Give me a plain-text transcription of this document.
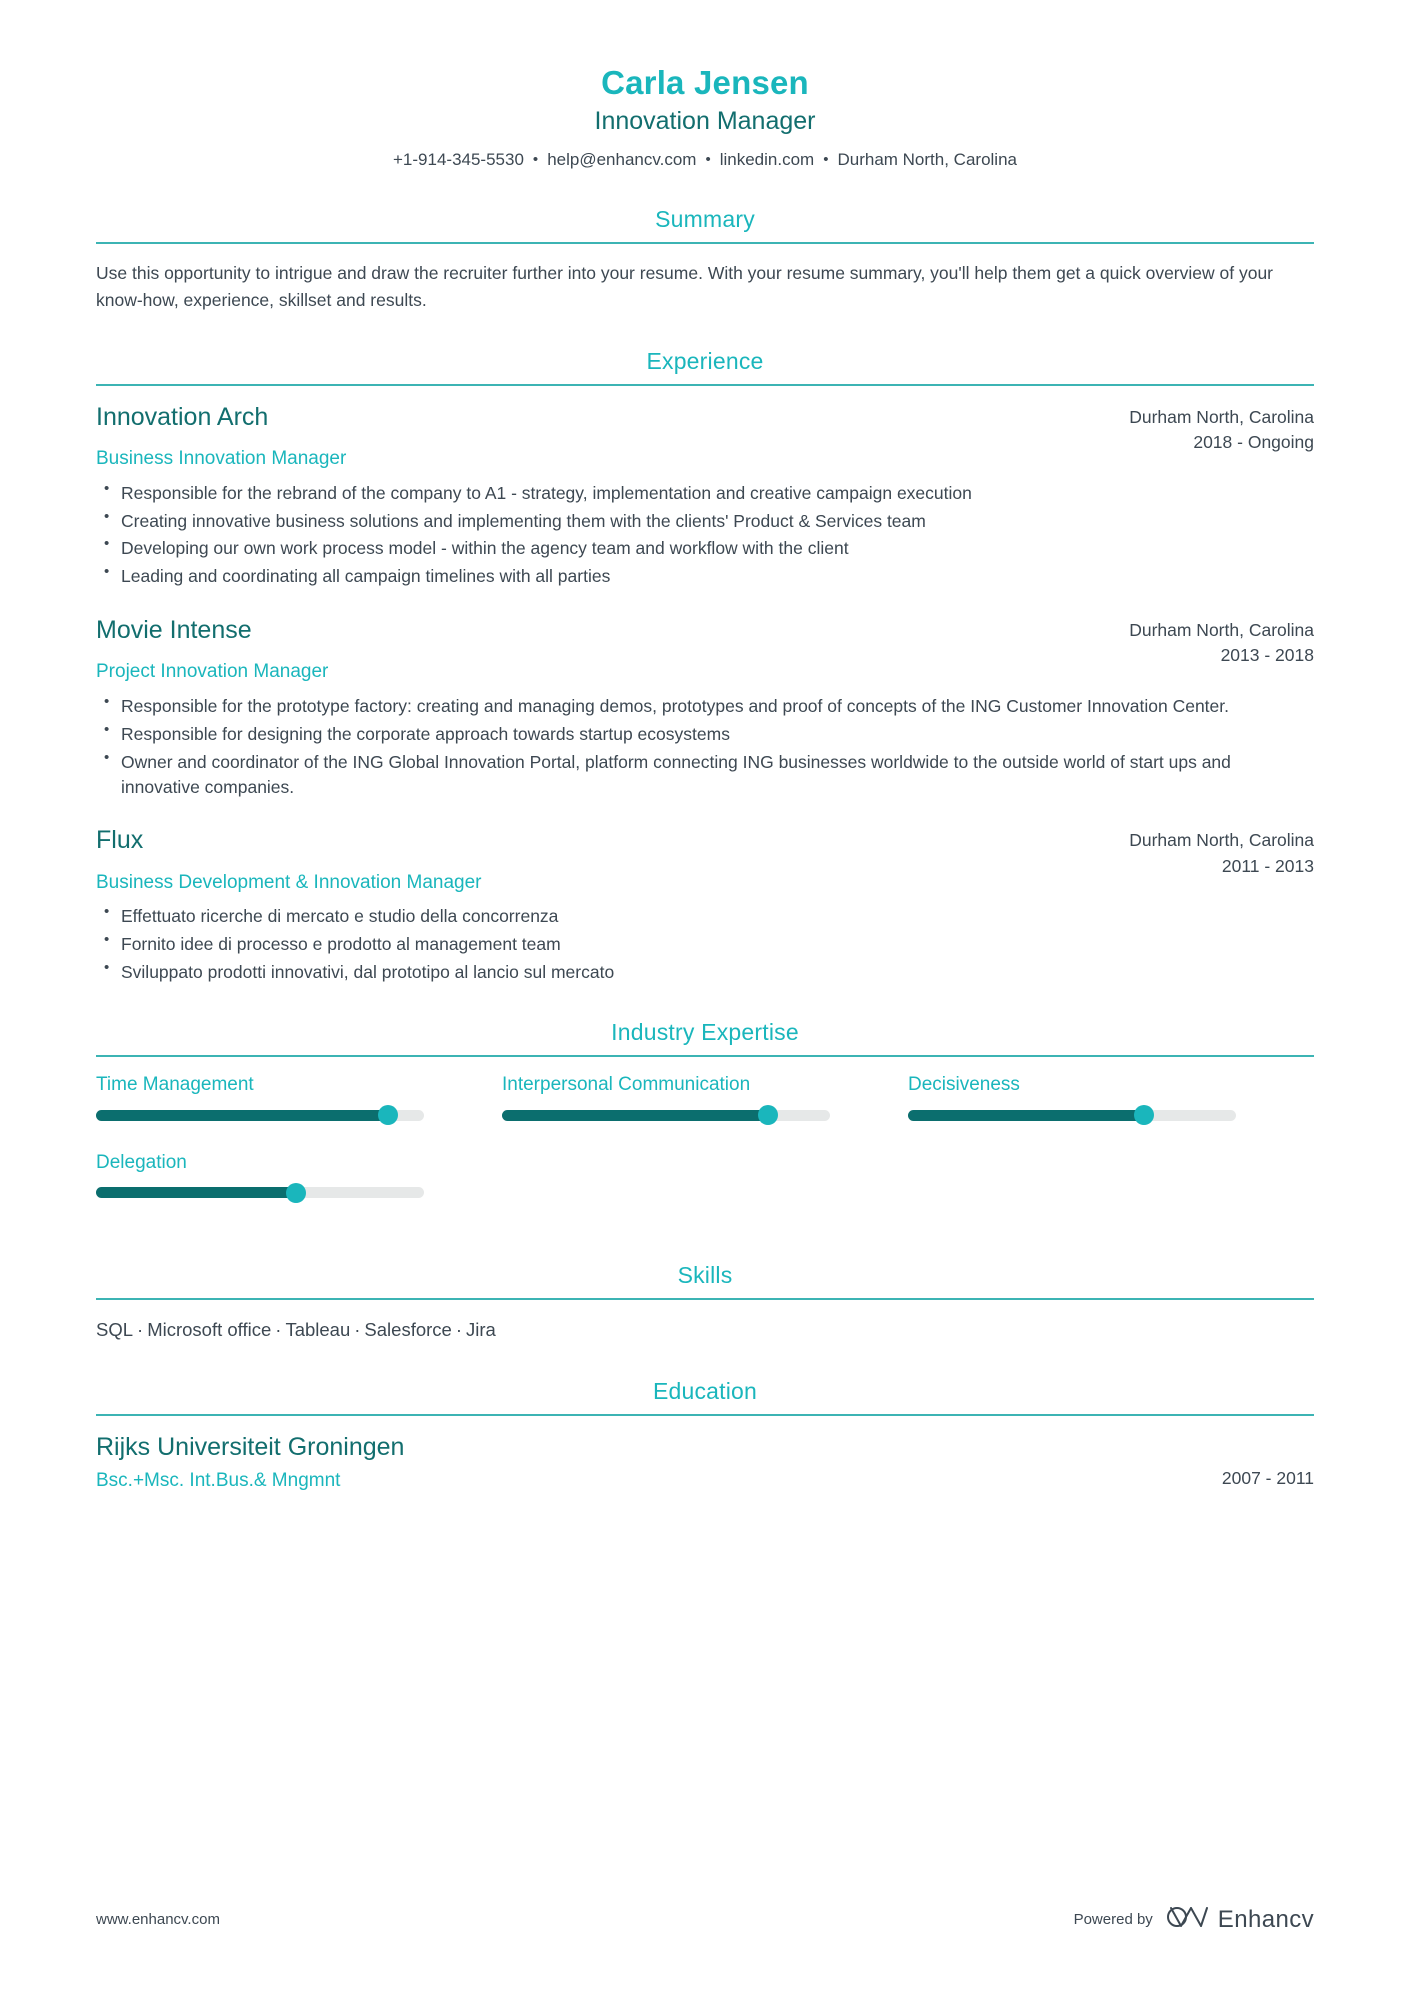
Carla Jensen
Innovation Manager
+1-914-345-5530 • help@enhancv.com • linkedin.com • Durham North, Carolina
Summary
Use this opportunity to intrigue and draw the recruiter further into your resume. With your resume summary, you'll help them get a quick overview of your know-how, experience, skillset and results.
Experience
Innovation Arch
Business Innovation Manager
Durham North, Carolina
2018 - Ongoing
• Responsible for the rebrand of the company to A1 - strategy, implementation and creative campaign execution
• Creating innovative business solutions and implementing them with the clients' Product & Services team
• Developing our own work process model - within the agency team and workflow with the client
• Leading and coordinating all campaign timelines with all parties
Movie Intense
Project Innovation Manager
Durham North, Carolina
2013 - 2018
• Responsible for the prototype factory: creating and managing demos, prototypes and proof of concepts of the ING Customer Innovation Center.
• Responsible for designing the corporate approach towards startup ecosystems
• Owner and coordinator of the ING Global Innovation Portal, platform connecting ING businesses worldwide to the outside world of start ups and innovative companies.
Flux
Business Development & Innovation Manager
Durham North, Carolina
2011 - 2013
• Effettuato ricerche di mercato e studio della concorrenza
• Fornito idee di processo e prodotto al management team
• Sviluppato prodotti innovativi, dal prototipo al lancio sul mercato
Industry Expertise
Time Management	Interpersonal Communication	Decisiveness
Delegation
Skills
SQL · Microsoft office · Tableau · Salesforce · Jira
Education
Rijks Universiteit Groningen
Bsc.+Msc. Int.Bus.& Mngmnt	2007 - 2011
www.enhancv.com	Powered by	Enhancv
